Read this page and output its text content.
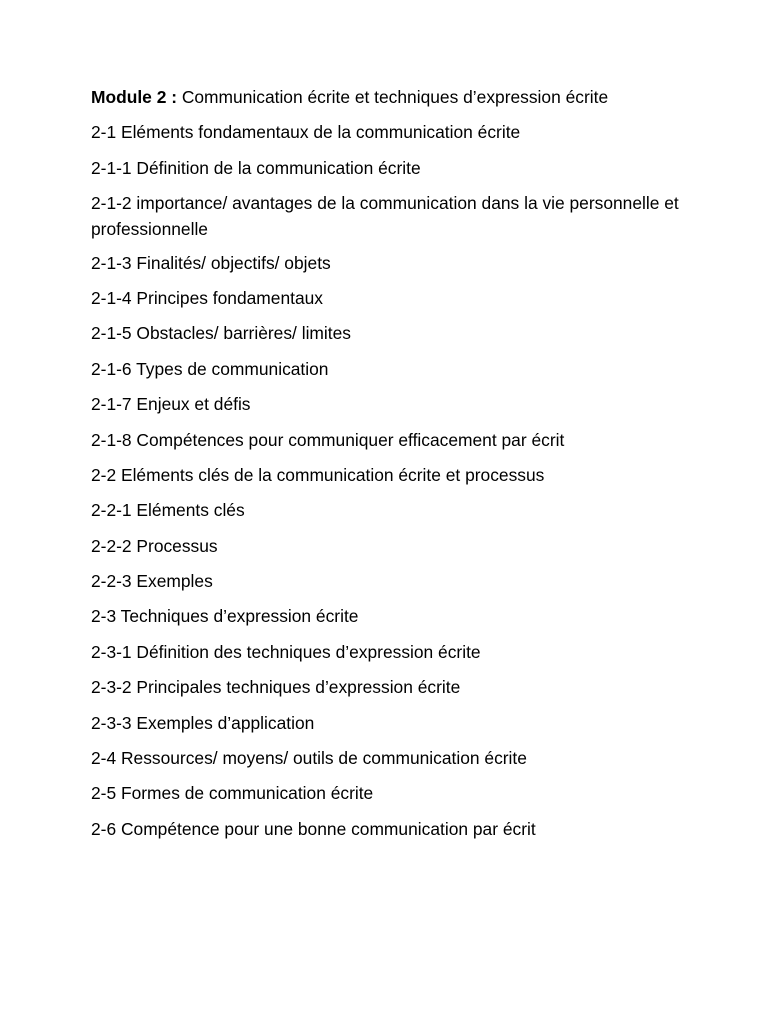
Module 2 : Communication écrite et techniques d’expression écrite

2-1 Eléments fondamentaux de la communication écrite

2-1-1 Définition de la communication écrite

2-1-2 importance/ avantages de la communication dans la vie personnelle et professionnelle

2-1-3 Finalités/ objectifs/ objets

2-1-4 Principes fondamentaux

2-1-5 Obstacles/ barrières/ limites

2-1-6 Types de communication

2-1-7 Enjeux et défis

2-1-8 Compétences pour communiquer efficacement par écrit

2-2 Eléments clés de la communication écrite et processus

2-2-1 Eléments clés

2-2-2 Processus

2-2-3 Exemples

2-3 Techniques d’expression écrite

2-3-1 Définition des techniques d’expression écrite

2-3-2 Principales techniques d’expression écrite

2-3-3 Exemples d’application

2-4 Ressources/ moyens/ outils de communication écrite

2-5 Formes de communication écrite

2-6 Compétence pour une bonne communication par écrit
